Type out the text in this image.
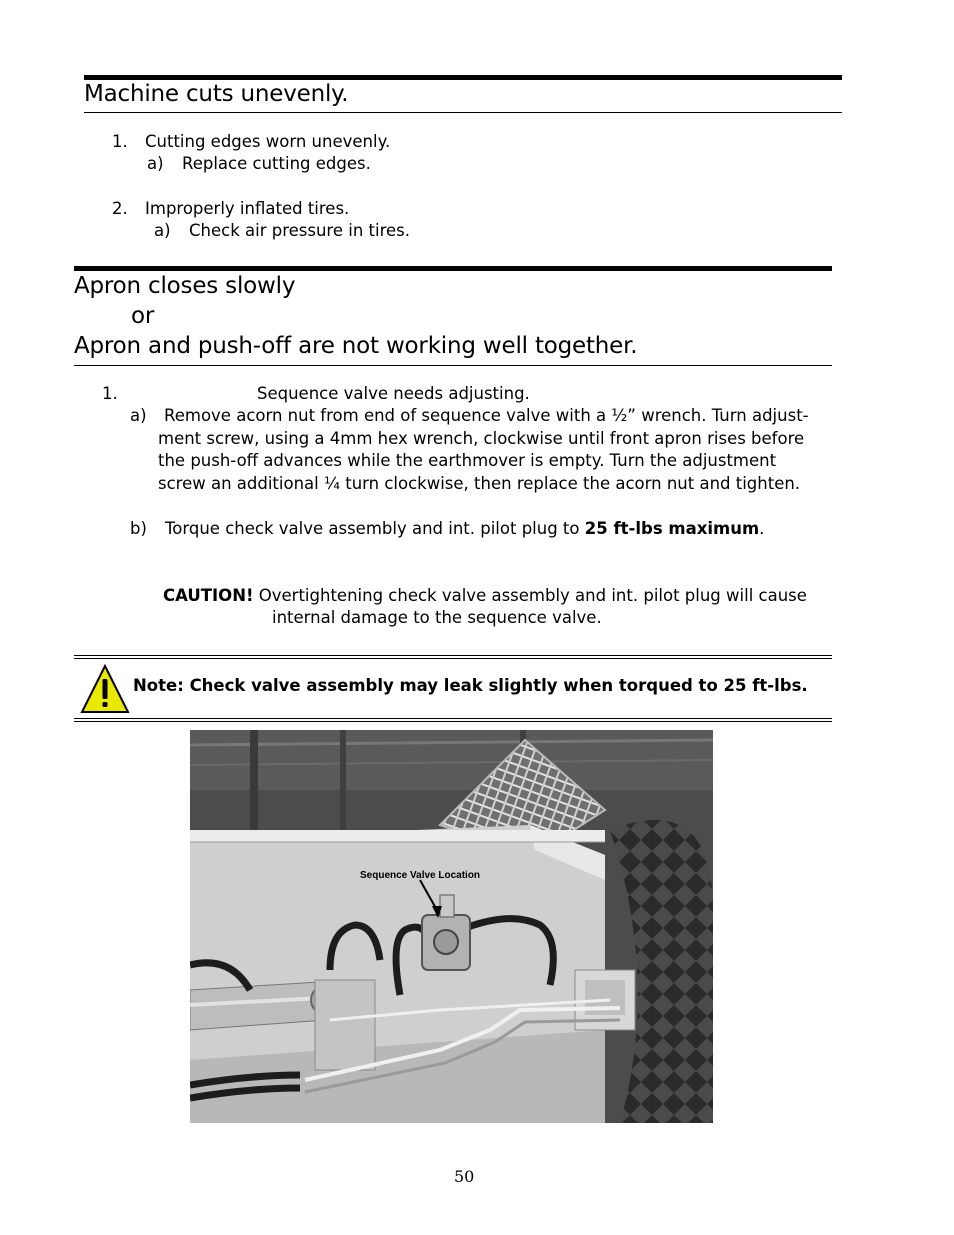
Machine cuts unevenly.
1. Cutting edges worn unevenly.
a) Replace cutting edges.
2. Improperly inflated tires.
a) Check air pressure in tires.
Apron closes slowly
or
Apron and push-off are not working well together.
1.	Sequence valve needs adjusting.
a) Remove acorn nut from end of sequence valve with a ½” wrench. Turn adjust-
ment screw, using a 4mm hex wrench, clockwise until front apron rises before
the push-off advances while the earthmover is empty. Turn the adjustment
screw an additional ¼ turn clockwise, then replace the acorn nut and tighten.
b) Torque check valve assembly and int. pilot plug to 25 ft-lbs maximum.
CAUTION! Overtightening check valve assembly and int. pilot plug will cause
internal damage to the sequence valve.
Note: Check valve assembly may leak slightly when torqued to 25 ft-lbs.
Sequence Valve Location
50
